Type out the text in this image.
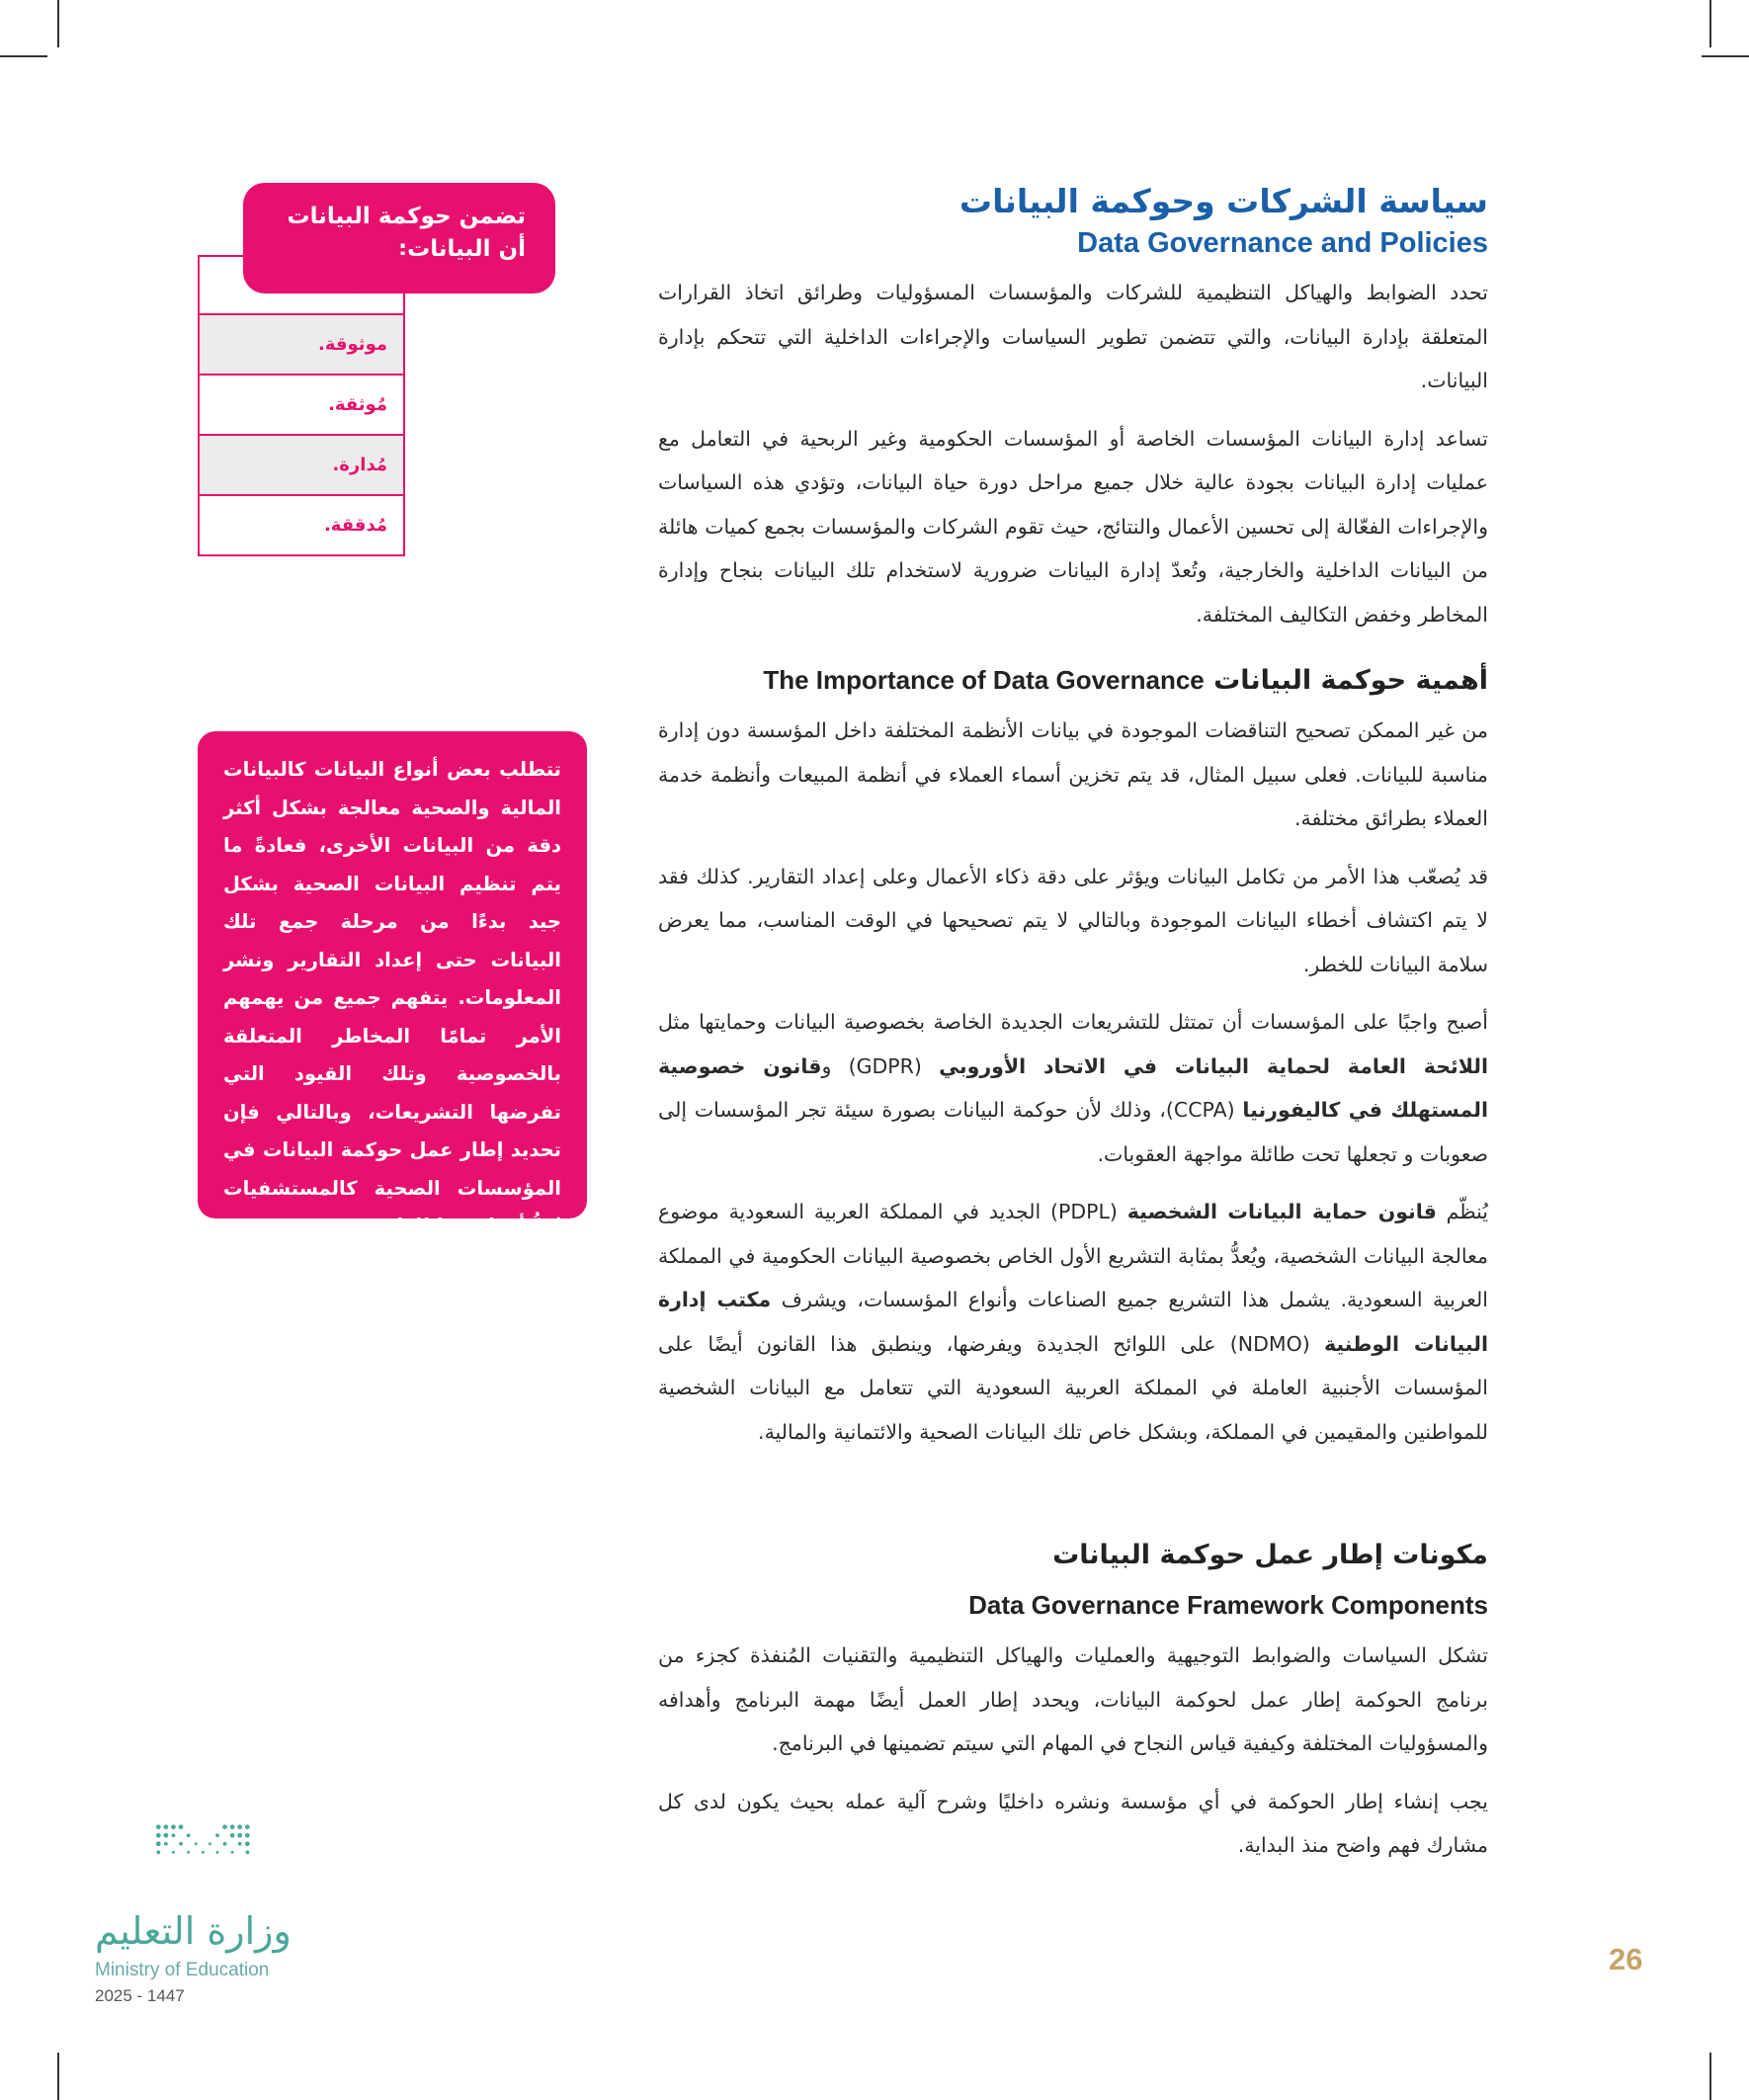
سياسة الشركات وحوكمة البيانات
Data Governance and Policies

تحدد الضوابط والهياكل التنظيمية للشركات والمؤسسات المسؤوليات وطرائق اتخاذ القرارات المتعلقة بإدارة البيانات، والتي تتضمن تطوير السياسات والإجراءات الداخلية التي تتحكم بإدارة البيانات.

تساعد إدارة البيانات المؤسسات الخاصة أو المؤسسات الحكومية وغير الربحية في التعامل مع عمليات إدارة البيانات بجودة عالية خلال جميع مراحل دورة حياة البيانات، وتؤدي هذه السياسات والإجراءات الفعّالة إلى تحسين الأعمال والنتائج، حيث تقوم الشركات والمؤسسات بجمع كميات هائلة من البيانات الداخلية والخارجية، وتُعدّ إدارة البيانات ضرورية لاستخدام تلك البيانات بنجاح وإدارة المخاطر وخفض التكاليف المختلفة.

أهمية حوكمة البيانات The Importance of Data Governance

من غير الممكن تصحيح التناقضات الموجودة في بيانات الأنظمة المختلفة داخل المؤسسة دون إدارة مناسبة للبيانات. فعلى سبيل المثال، قد يتم تخزين أسماء العملاء في أنظمة المبيعات وأنظمة خدمة العملاء بطرائق مختلفة.

قد يُصعّب هذا الأمر من تكامل البيانات ويؤثر على دقة ذكاء الأعمال وعلى إعداد التقارير. كذلك فقد لا يتم اكتشاف أخطاء البيانات الموجودة وبالتالي لا يتم تصحيحها في الوقت المناسب، مما يعرض سلامة البيانات للخطر.

أصبح واجبًا على المؤسسات أن تمتثل للتشريعات الجديدة الخاصة بخصوصية البيانات وحمايتها مثل اللائحة العامة لحماية البيانات في الاتحاد الأوروبي (GDPR) وقانون خصوصية المستهلك في كاليفورنيا (CCPA)، وذلك لأن حوكمة البيانات بصورة سيئة تجر المؤسسات إلى صعوبات و تجعلها تحت طائلة مواجهة العقوبات.

يُنظّم قانون حماية البيانات الشخصية (PDPL) الجديد في المملكة العربية السعودية موضوع معالجة البيانات الشخصية، ويُعدُّ بمثابة التشريع الأول الخاص بخصوصية البيانات الحكومية في المملكة العربية السعودية. يشمل هذا التشريع جميع الصناعات وأنواع المؤسسات، ويشرف مكتب إدارة البيانات الوطنية (NDMO) على اللوائح الجديدة ويفرضها، وينطبق هذا القانون أيضًا على المؤسسات الأجنبية العاملة في المملكة العربية السعودية التي تتعامل مع البيانات الشخصية للمواطنين والمقيمين في المملكة، وبشكل خاص تلك البيانات الصحية والائتمانية والمالية.

مكونات إطار عمل حوكمة البيانات
Data Governance Framework Components

تشكل السياسات والضوابط التوجيهية والعمليات والهياكل التنظيمية والتقنيات المُنفذة كجزء من برنامج الحوكمة إطار عمل لحوكمة البيانات، ويحدد إطار العمل أيضًا مهمة البرنامج وأهدافه والمسؤوليات المختلفة وكيفية قياس النجاح في المهام التي سيتم تضمينها في البرنامج.

يجب إنشاء إطار الحوكمة في أي مؤسسة ونشره داخليًا وشرح آلية عمله بحيث يكون لدى كل مشارك فهم واضح منذ البداية.

تضمن حوكمة البيانات أن البيانات:
آمنة.
موثوقة.
مُوثقة.
مُدارة.
مُدققة.

تتطلب بعض أنواع البيانات كالبيانات المالية والصحية معالجة بشكل أكثر دقة من البيانات الأخرى، فعادةً ما يتم تنظيم البيانات الصحية بشكل جيد بدءًا من مرحلة جمع تلك البيانات حتى إعداد التقارير ونشر المعلومات. يتفهم جميع من يهمهم الأمر تمامًا المخاطر المتعلقة بالخصوصية وتلك القيود التي تفرضها التشريعات، وبالتالي فإن تحديد إطار عمل حوكمة البيانات في المؤسسات الصحية كالمستشفيات يُعدُّ أمرًا مهمًا للغاية.

وزارة التعليم
Ministry of Education
2025 - 1447
26
